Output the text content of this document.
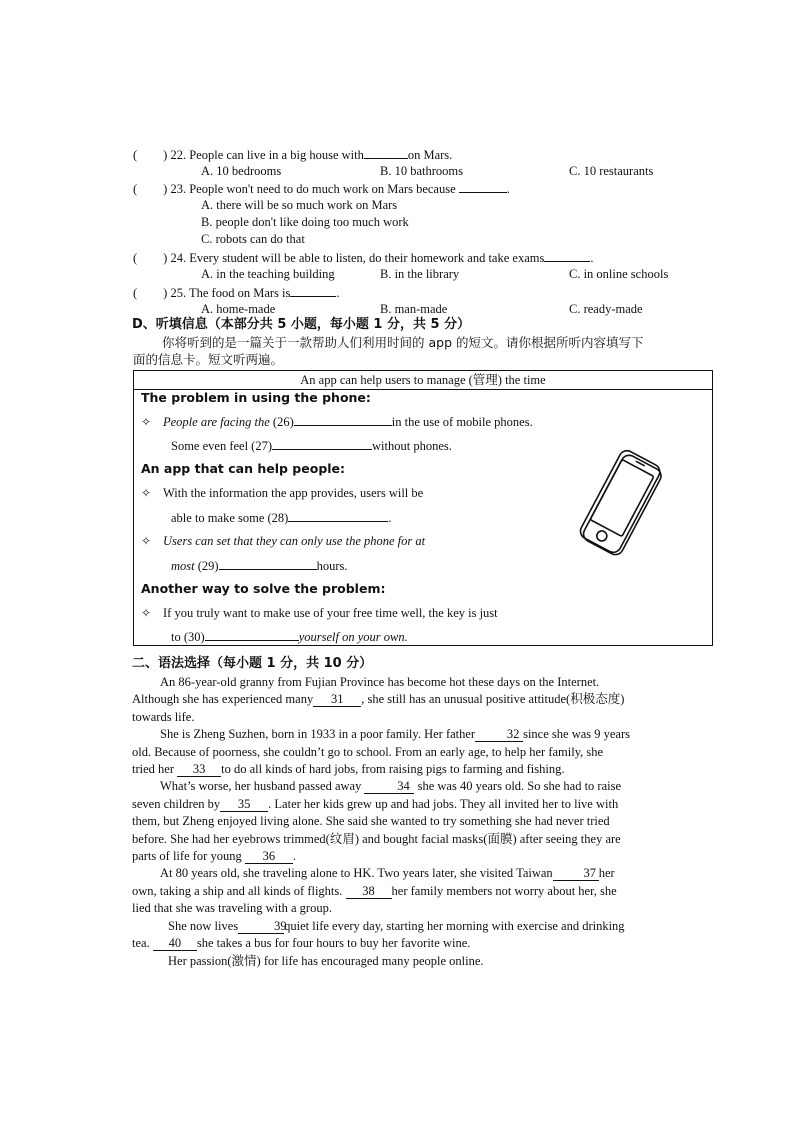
( ) 22. People can live in a big house with	on Mars.
A. 10 bedrooms	B. 10 bathrooms	C. 10 restaurants
( ) 23. People won't need to do much work on Mars because	.
A. there will be so much work on Mars
B. people don't like doing too much work
C. robots can do that
( ) 24. Every student will be able to listen, do their homework and take exams	.
A. in the teaching building	B. in the library	C. in online schools
( ) 25. The food on Mars is	.
A. home-made	B. man-made	C. ready-made
D、听填信息（本部分共 5 小题，每小题 1 分，共 5 分）
你将听到的是一篇关于一款帮助人们利用时间的 app 的短文。请你根据所听内容填写下
面的信息卡。短文听两遍。
An app can help users to manage (管理) the time
The problem in using the phone:
✧ People are facing the (26)	in the use of mobile phones.
Some even feel (27)	without phones.
An app that can help people:
✧ With the information the app provides, users will be
able to make some (28)	.
✧ Users can set that they can only use the phone for at
most (29)	hours.
Another way to solve the problem:
✧ If you truly want to make use of your free time well, the key is just
to (30)	yourself on your own.
二、语法选择（每小题 1 分，共 10 分）

An 86-year-old granny from Fujian Province has become hot these days on the Internet.

Although she has experienced many 31 , she still has an unusual positive attitude(积极态度)

towards life.

She is Zheng Suzhen, born in 1933 in a poor family. Her father	32 since she was 9 years

old. Because of poorness, she couldn’t go to school. From an early age, to help her family, she

tried her 33 to do all kinds of hard jobs, from raising pigs to farming and fishing.

What’s worse, her husband passed away	34 she was 40 years old. So she had to raise

seven children by 35 . Later her kids grew up and had jobs. They all invited her to live with

them, but Zheng enjoyed living alone. She said she wanted to try something she had never tried

before. She had her eyebrows trimmed(纹眉) and bought facial masks(面膜) after seeing they are

parts of life for young 36 .

At 80 years old, she traveling alone to HK. Two years later, she visited Taiwan 37 her

own, taking a ship and all kinds of flights. 38 her family members not worry about her, she

lied that she was traveling with a group.

She now lives	39quiet life every day, starting her morning with exercise and drinking

tea. 40 she takes a bus for four hours to buy her favorite wine.

Her passion(激情) for life has encouraged many people online.
